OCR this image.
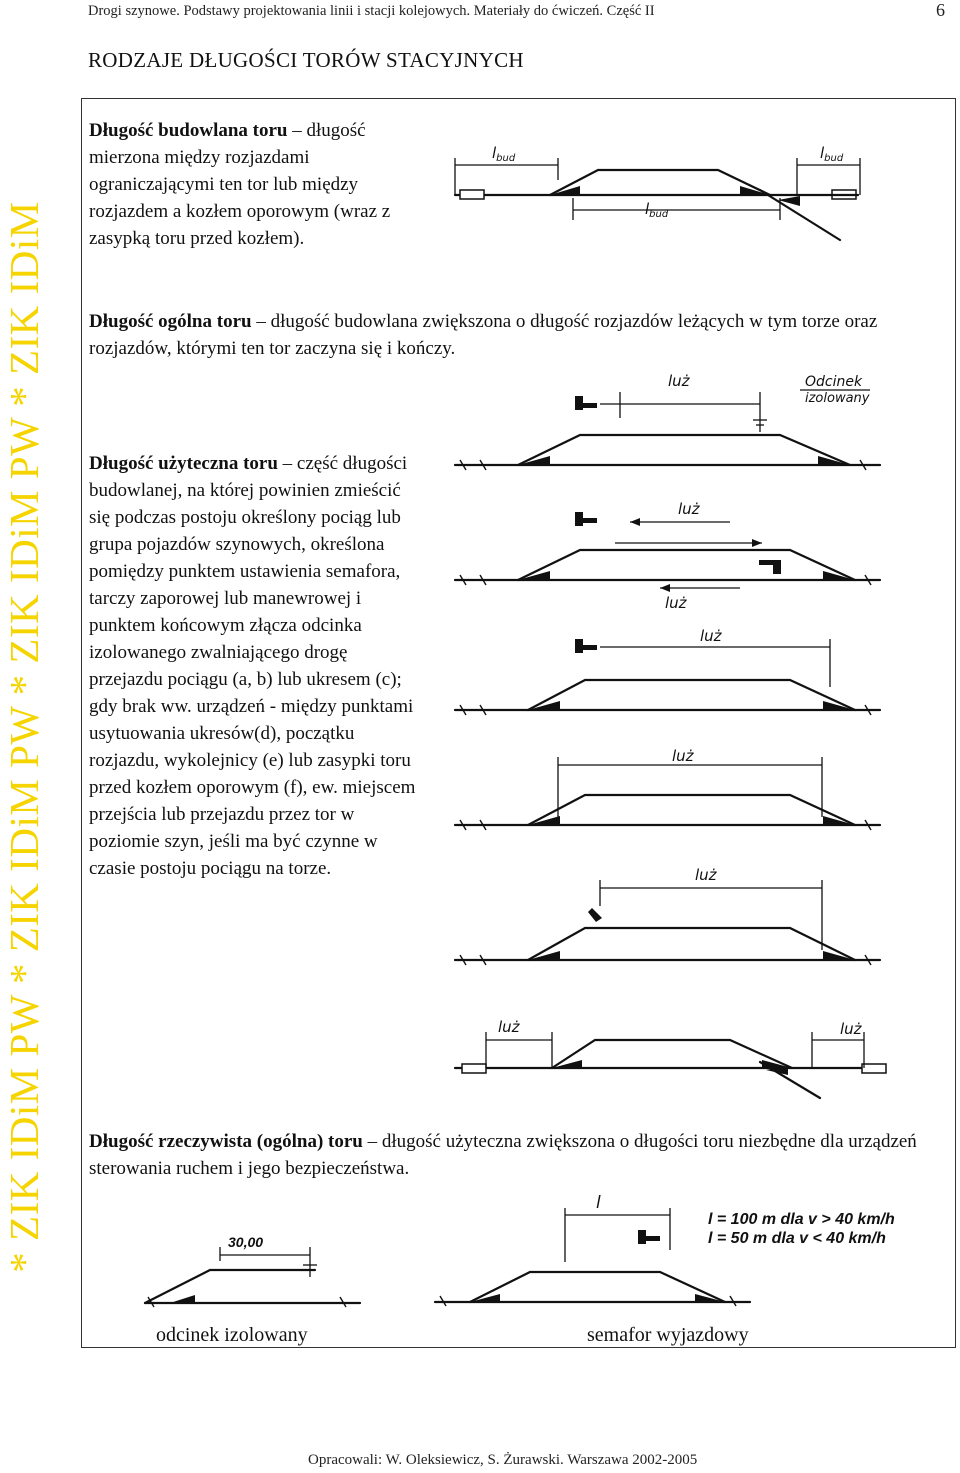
Drogi szynowe. Podstawy projektowania linii i stacji kolejowych. Materiały do ćwiczeń. Część II	6
* ZIK IDiM PW * ZIK IDiM PW * ZIK IDiM PW * ZIK IDiM
RODZAJE DŁUGOŚCI TORÓW STACYJNYCH
Długość budowlana toru – długość mierzona między rozjazdami ograniczającymi ten tor lub między rozjazdem a kozłem oporowym (wraz z zasypką toru przed kozłem).
Długość ogólna toru – długość budowlana zwiększona o długość rozjazdów leżących w tym torze oraz rozjazdów, którymi ten tor zaczyna się i kończy.
Długość użyteczna toru – część długości budowlanej, na której powinien zmieścić się podczas postoju określony pociąg lub grupa pojazdów szynowych, określona pomiędzy punktem ustawienia semafora, tarczy zaporowej lub manewrowej i punktem końcowym złącza odcinka izolowanego zwalniającego drogę przejazdu pociągu (a, b) lub ukresem (c); gdy brak ww. urządzeń - między punktami usytuowania ukresów(d), początku rozjazdu, wykolejnicy (e) lub zasypki toru przed kozłem oporowym (f), ew. miejscem przejścia lub przejazdu przez tor w poziomie szyn, jeśli ma być czynne w czasie postoju pociągu na torze.
Długość rzeczywista (ogólna) toru – długość użyteczna zwiększona o długości toru niezbędne dla urządzeń sterowania ruchem i jego bezpieczeństwa.
$l_{bud}$	$l_{bud}$
$l_{bud}$
luż	Odcinek
izolowany
luż
luż
luż
luż
luż
luż	luż
30,00
l
l = 100 m dla v > 40 km/h
l = 50 m dla v < 40 km/h
odcinek izolowany	semafor wyjazdowy
Opracowali: W. Oleksiewicz, S. Żurawski. Warszawa 2002-2005
